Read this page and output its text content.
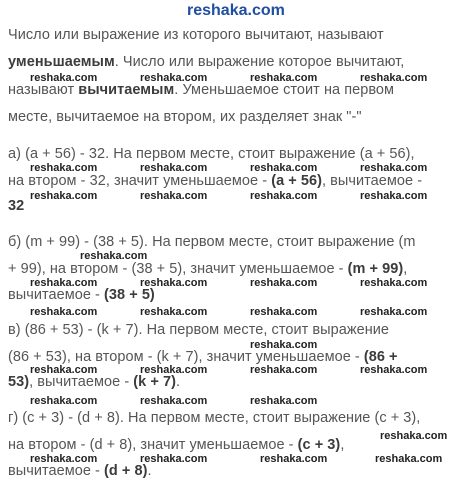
reshaka.com
Число или выражение из которого вычитают, называют
уменьшаемым. Число или выражение которое вычитают,
называют вычитаемым. Уменьшаемое стоит на первом
месте, вычитаемое на втором, их разделяет знак "-"
а) (a + 56) - 32. На первом месте, стоит выражение (a + 56),
на втором - 32, значит уменьшаемое - (a + 56), вычитаемое -
32
б) (m + 99) - (38 + 5). На первом месте, стоит выражение (m
+ 99), на втором - (38 + 5), значит уменьшаемое - (m + 99),
вычитаемое - (38 + 5)
в) (86 + 53) - (k + 7). На первом месте, стоит выражение
(86 + 53), на втором - (k + 7), значит уменьшаемое - (86 +
53), вычитаемое - (k + 7).
г) (c + 3) - (d + 8). На первом месте, стоит выражение (c + 3),
на втором - (d + 8), значит уменьшаемое - (c + 3),
вычитаемое - (d + 8).
reshaka.com	reshaka.com	reshaka.com	reshaka.com
reshaka.com	reshaka.com	reshaka.com	reshaka.com
reshaka.com	reshaka.com	reshaka.com	reshaka.com
reshaka.com
reshaka.com	reshaka.com	reshaka.com	reshaka.com
reshaka.com	reshaka.com	reshaka.com	reshaka.com
reshaka.com
reshaka.com	reshaka.com	reshaka.com	reshaka.com
reshaka.com	reshaka.com	reshaka.com
reshaka.com
reshaka.com	reshaka.com	reshaka.com	reshaka.com
